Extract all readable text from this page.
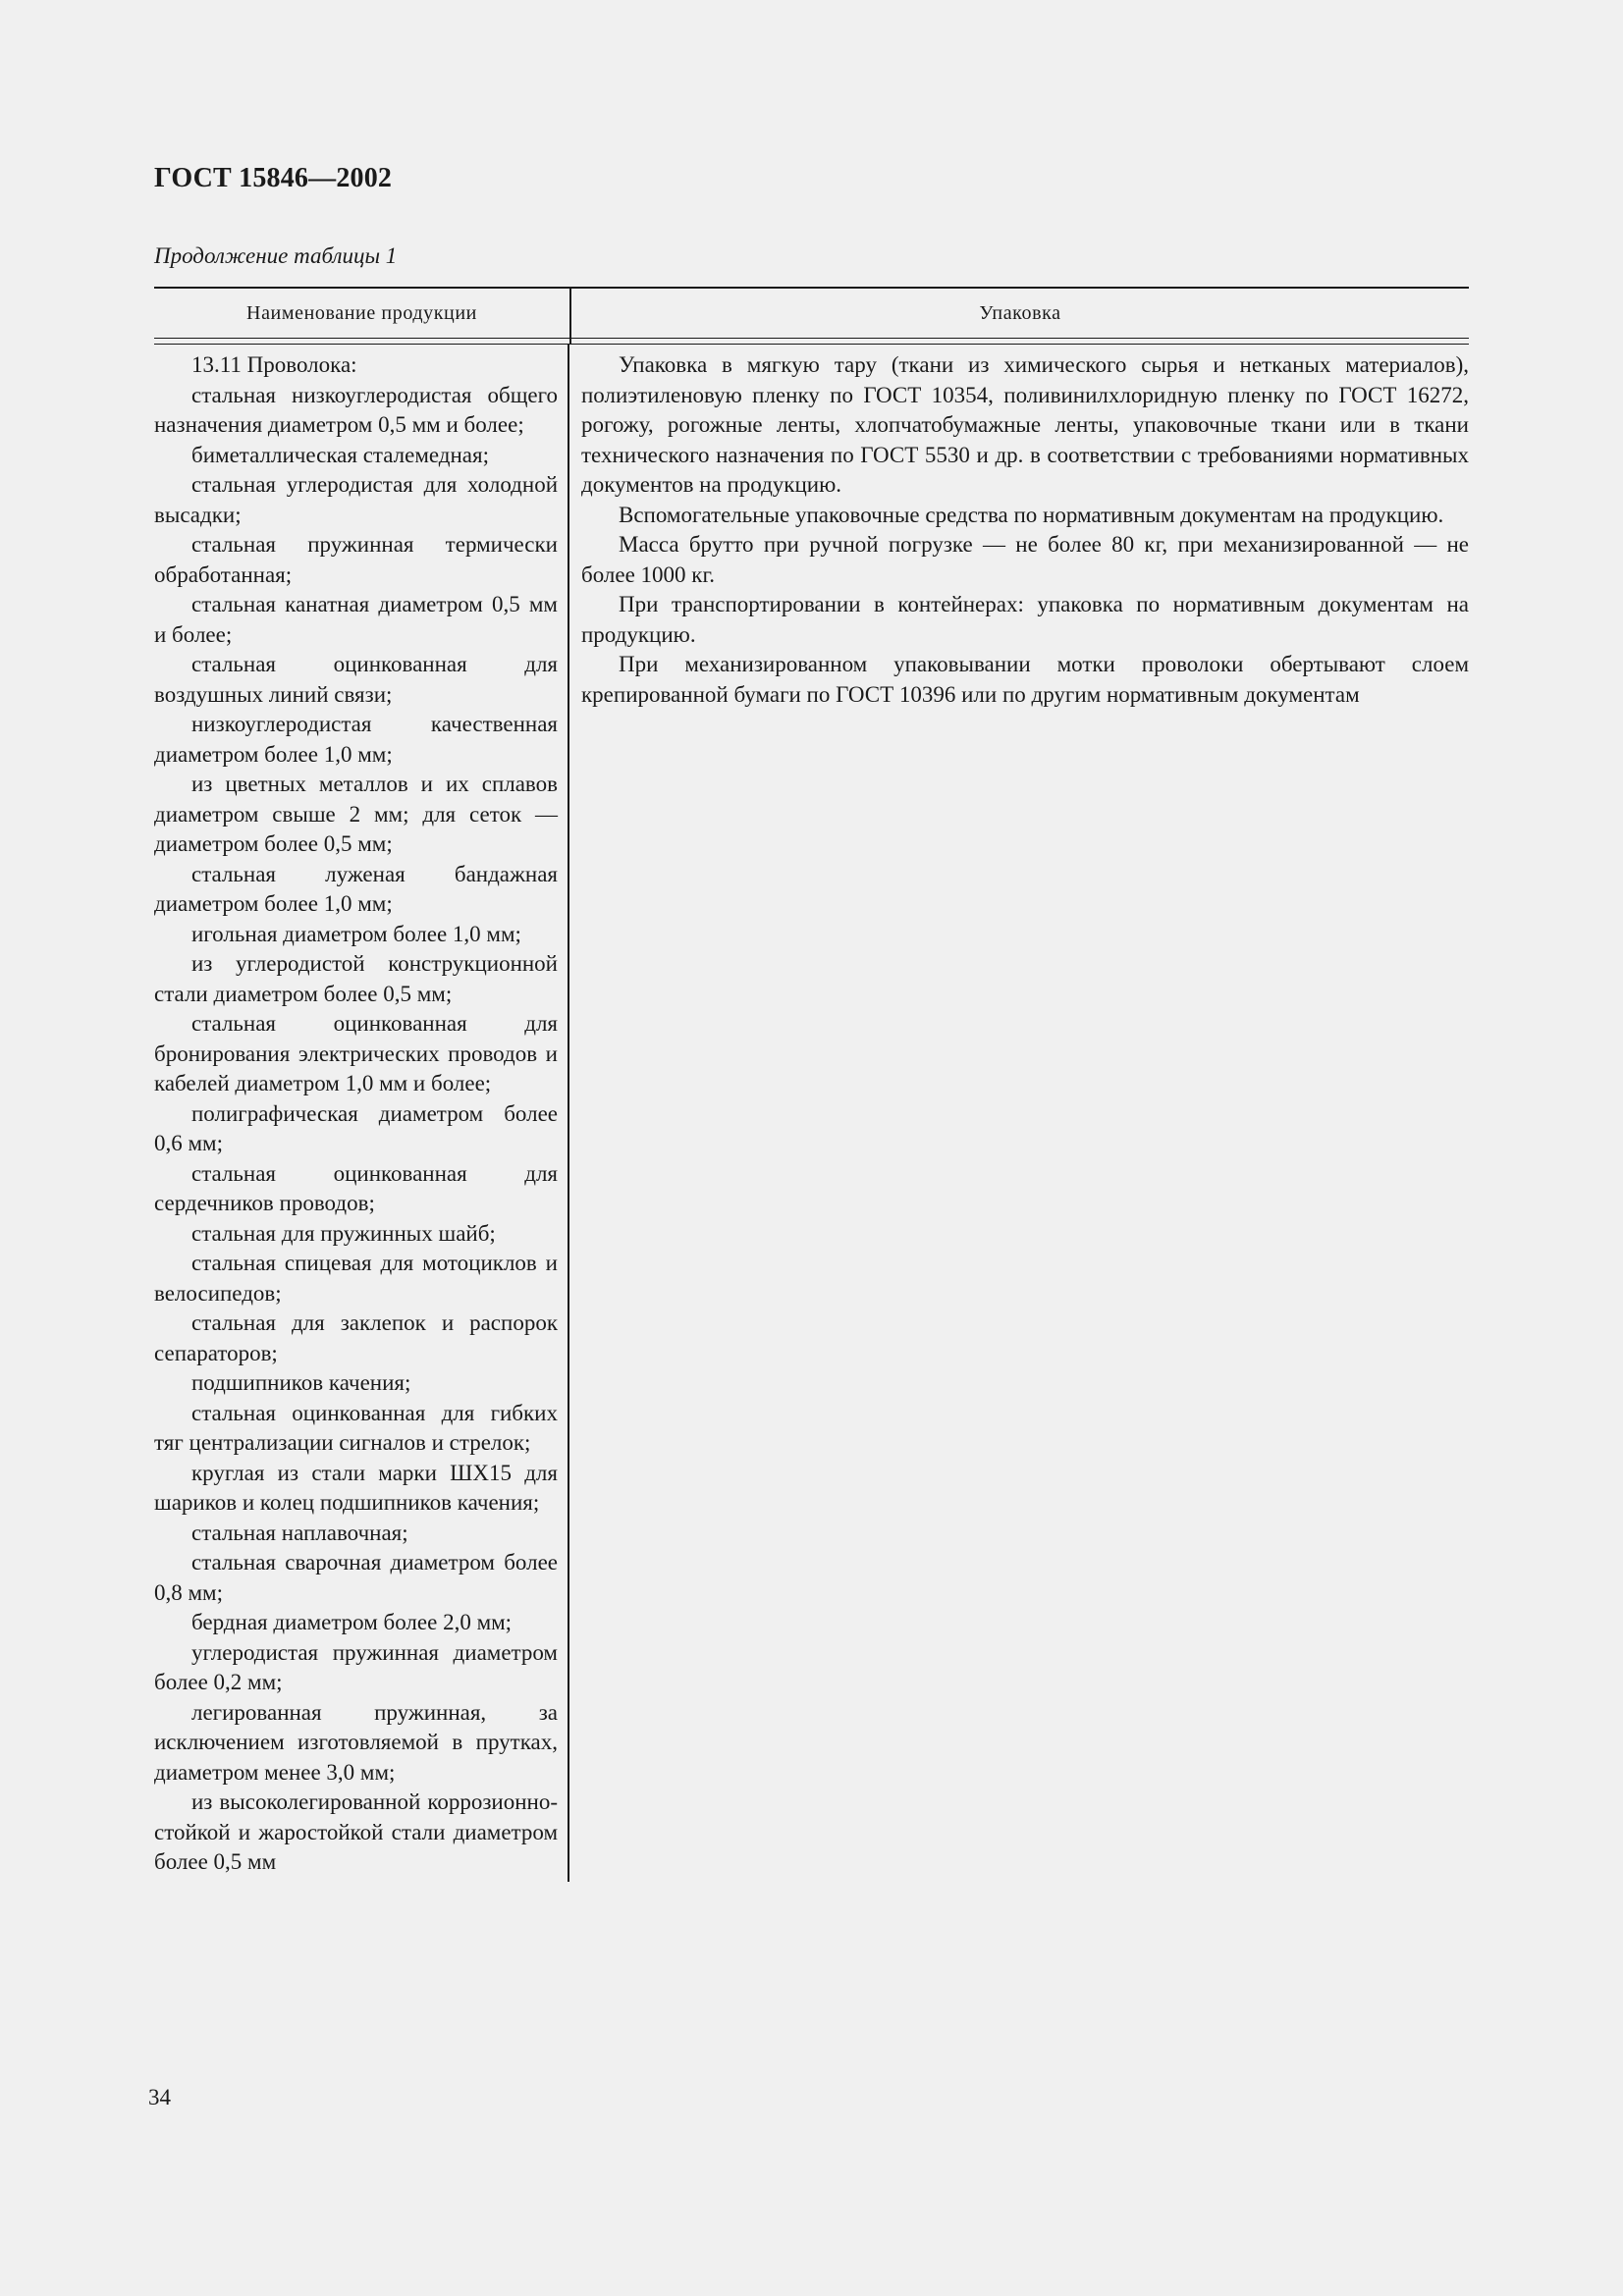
ГОСТ 15846—2002
Продолжение таблицы 1
Наименование продукции	Упаковка

13.11 Проволока:

стальная низкоуглеродистая общего назначения диаметром 0,5 мм и более;

биметаллическая сталемедная;

стальная углеродистая для холодной высадки;

стальная пружинная термически обработанная;

стальная канатная диаметром 0,5 мм и более;

стальная оцинкованная для воздушных линий связи;

низкоуглеродистая качественная диаметром более 1,0 мм;

из цветных металлов и их сплавов диаметром свыше 2 мм; для сеток — диаметром более 0,5 мм;

стальная луженая бандажная диаметром более 1,0 мм;

игольная диаметром более 1,0 мм;

из углеродистой конструкционной стали диаметром более 0,5 мм;

стальная оцинкованная для бронирования электрических проводов и кабелей диаметром 1,0 мм и более;

полиграфическая диаметром более 0,6 мм;

стальная оцинкованная для сердечников проводов;

стальная для пружинных шайб;

стальная спицевая для мотоциклов и велосипедов;

стальная для заклепок и распорок сепараторов;

подшипников качения;

стальная оцинкованная для гибких тяг централизации сигналов и стрелок;

круглая из стали марки ШХ15 для шариков и колец подшипников качения;

стальная наплавочная;

стальная сварочная диаметром более 0,8 мм;

бердная диаметром более 2,0 мм;

углеродистая пружинная диаметром более 0,2 мм;

легированная пружинная, за исключением изготовляемой в прутках, диаметром менее 3,0 мм;

из высоколегированной коррозионно-стойкой и жаростойкой стали диаметром более 0,5 мм

Упаковка в мягкую тару (ткани из химического сырья и нетканых материалов), полиэтиленовую пленку по ГОСТ 10354, поливинилхлоридную пленку по ГОСТ 16272, рогожу, рогожные ленты, хлопчатобумажные ленты, упаковочные ткани или в ткани технического назначения по ГОСТ 5530 и др. в соответствии с требованиями нормативных документов на продукцию.

Вспомогательные упаковочные средства по нормативным документам на продукцию.

Масса брутто при ручной погрузке — не более 80 кг, при механизированной — не более 1000 кг.

При транспортировании в контейнерах: упаковка по нормативным документам на продукцию.

При механизированном упаковывании мотки проволоки обертывают слоем крепированной бумаги по ГОСТ 10396 или по другим нормативным документам

34
